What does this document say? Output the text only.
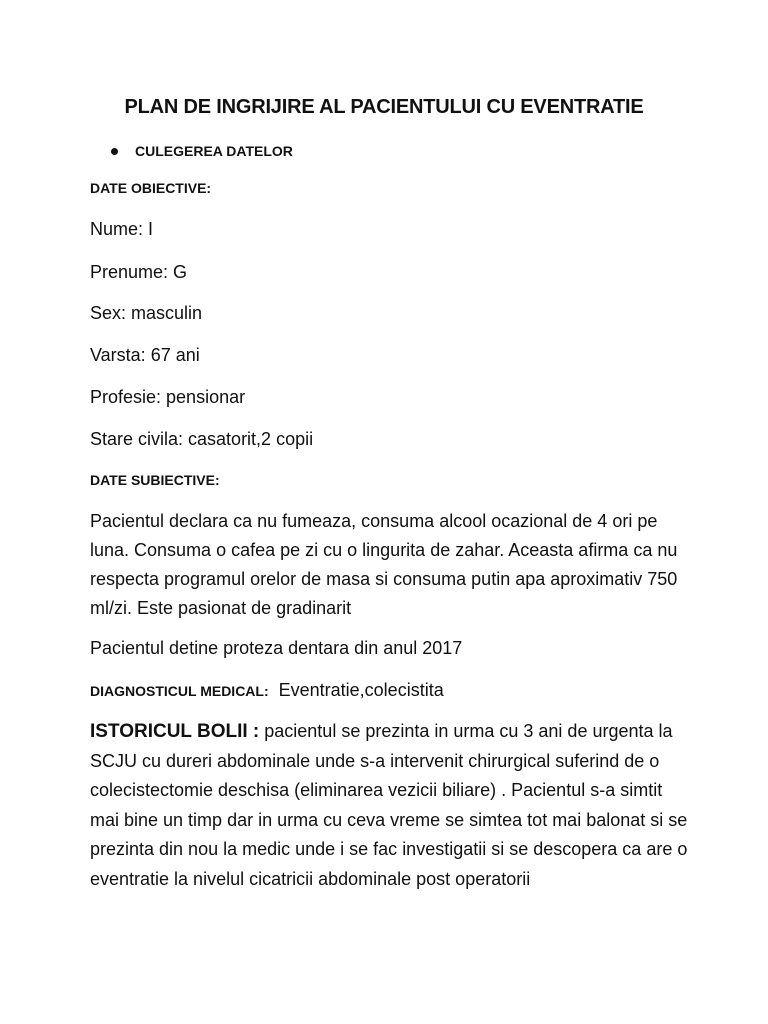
PLAN DE INGRIJIRE AL PACIENTULUI CU EVENTRATIE
CULEGEREA DATELOR
DATE OBIECTIVE:
Nume: I
Prenume: G
Sex: masculin
Varsta: 67 ani
Profesie: pensionar
Stare civila: casatorit,2 copii
DATE SUBIECTIVE:
Pacientul declara ca nu fumeaza, consuma alcool ocazional de 4 ori pe luna. Consuma o cafea pe zi cu o lingurita de zahar. Aceasta afirma ca nu respecta programul orelor de masa si consuma putin apa aproximativ 750 ml/zi. Este pasionat de gradinarit
Pacientul detine proteza dentara din anul 2017
DIAGNOSTICUL MEDICAL: Eventratie,colecistita
ISTORICUL BOLII : pacientul se prezinta in urma cu 3 ani de urgenta la SCJU cu dureri abdominale unde s-a intervenit chirurgical suferind de o colecistectomie deschisa (eliminarea vezicii biliare) . Pacientul s-a simtit mai bine un timp dar in urma cu ceva vreme se simtea tot mai balonat si se prezinta din nou la medic unde i se fac investigatii si se descopera ca are o eventratie la nivelul cicatricii abdominale post operatorii
